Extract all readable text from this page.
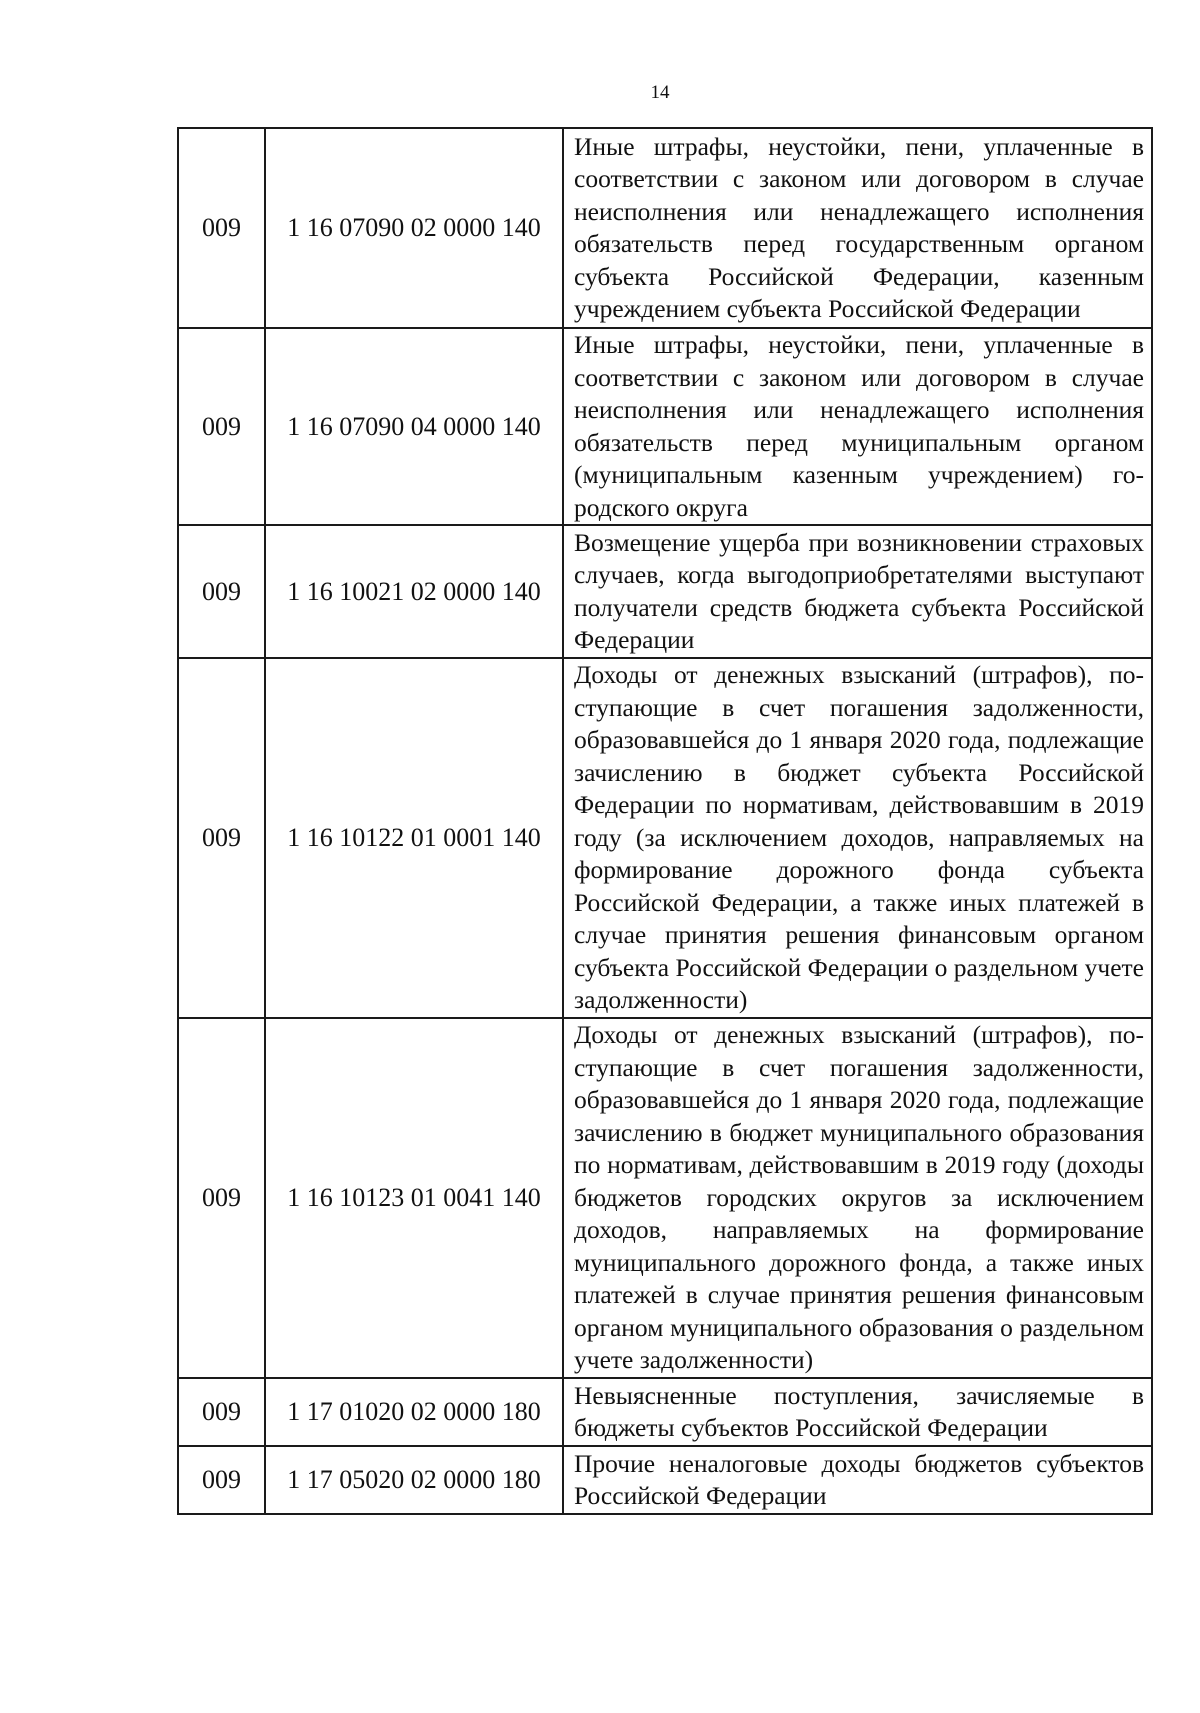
14
009	1 16 07090 02 0000 140	Иные штрафы, неустойки, пени, уплаченные в соответствии с законом или договором в случае неисполнения или ненадлежащего исполнения обязательств перед государственным органом субъекта Российской Федерации, казенным учреждением субъекта Российской Федерации

009	1 16 07090 04 0000 140	Иные штрафы, неустойки, пени, уплаченные в соответствии с законом или договором в случае неисполнения или ненадлежащего исполнения обязательств перед муниципальным органом (муниципальным казенным учреждением) городского округа

009	1 16 10021 02 0000 140	Возмещение ущерба при возникновении страховых случаев, когда выгодоприобретателями выступают получатели средств бюджета субъекта Российской Федерации

009	1 16 10122 01 0001 140	Доходы от денежных взысканий (штрафов), поступающие в счет погашения задолженности, образовавшейся до 1 января 2020 года, подлежащие зачислению в бюджет субъекта Российской Федерации по нормативам, действовавшим в 2019 году (за исключением доходов, направляемых на формирование дорожного фонда субъекта Российской Федерации, а также иных платежей в случае принятия решения финансовым органом субъекта Российской Федерации о раздельном учете задолженности)

009	1 16 10123 01 0041 140	Доходы от денежных взысканий (штрафов), поступающие в счет погашения задолженности, образовавшейся до 1 января 2020 года, подлежащие зачислению в бюджет муниципального образования по нормативам, действовавшим в 2019 году (доходы бюджетов городских округов за исключением доходов, направляемых на формирование муниципального дорожного фонда, а также иных платежей в случае принятия решения финансовым органом муниципального образования о раздельном учете задолженности)

009	1 17 01020 02 0000 180	Невыясненные поступления, зачисляемые в бюджеты субъектов Российской Федерации

009	1 17 05020 02 0000 180	Прочие неналоговые доходы бюджетов субъектов Российской Федерации
